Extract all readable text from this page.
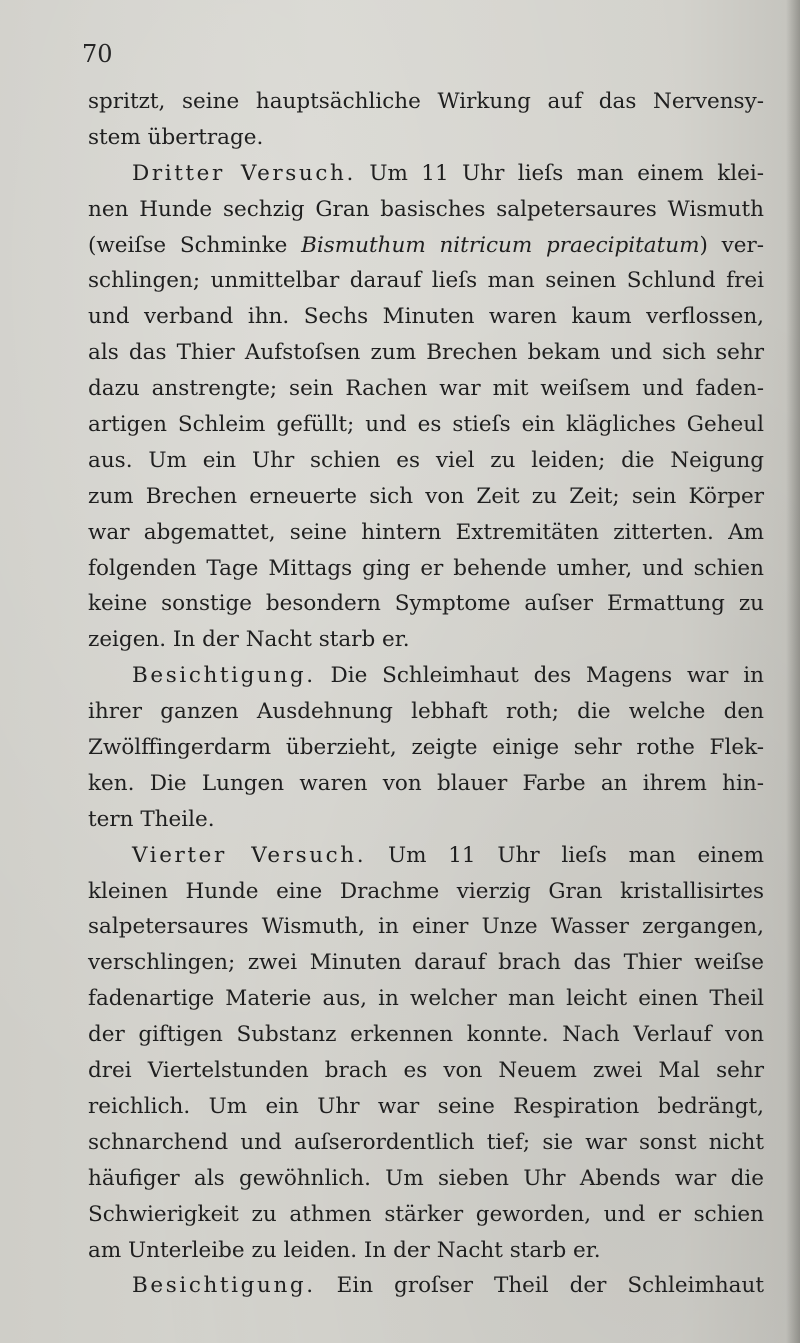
70
spritzt, seine hauptsächliche Wirkung auf das Nervensy-
stem übertrage.
Dritter Versuch. Um 11 Uhr lieſs man einem klei-
nen Hunde sechzig Gran basisches salpetersaures Wismuth
(weiſse Schminke Bismuthum nitricum praecipitatum) ver-
schlingen; unmittelbar darauf lieſs man seinen Schlund frei
und verband ihn. Sechs Minuten waren kaum verflossen,
als das Thier Aufstoſsen zum Brechen bekam und sich sehr
dazu anstrengte; sein Rachen war mit weiſsem und faden-
artigen Schleim gefüllt; und es stieſs ein klägliches Geheul
aus. Um ein Uhr schien es viel zu leiden; die Neigung
zum Brechen erneuerte sich von Zeit zu Zeit; sein Körper
war abgemattet, seine hintern Extremitäten zitterten. Am
folgenden Tage Mittags ging er behende umher, und schien
keine sonstige besondern Symptome auſser Ermattung zu
zeigen. In der Nacht starb er.
Besichtigung. Die Schleimhaut des Magens war in
ihrer ganzen Ausdehnung lebhaft roth; die welche den
Zwölffingerdarm überzieht, zeigte einige sehr rothe Flek-
ken. Die Lungen waren von blauer Farbe an ihrem hin-
tern Theile.
Vierter Versuch. Um 11 Uhr lieſs man einem
kleinen Hunde eine Drachme vierzig Gran kristallisirtes
salpetersaures Wismuth, in einer Unze Wasser zergangen,
verschlingen; zwei Minuten darauf brach das Thier weiſse
fadenartige Materie aus, in welcher man leicht einen Theil
der giftigen Substanz erkennen konnte. Nach Verlauf von
drei Viertelstunden brach es von Neuem zwei Mal sehr
reichlich. Um ein Uhr war seine Respiration bedrängt,
schnarchend und auſserordentlich tief; sie war sonst nicht
häufiger als gewöhnlich. Um sieben Uhr Abends war die
Schwierigkeit zu athmen stärker geworden, und er schien
am Unterleibe zu leiden. In der Nacht starb er.
Besichtigung. Ein groſser Theil der Schleimhaut
